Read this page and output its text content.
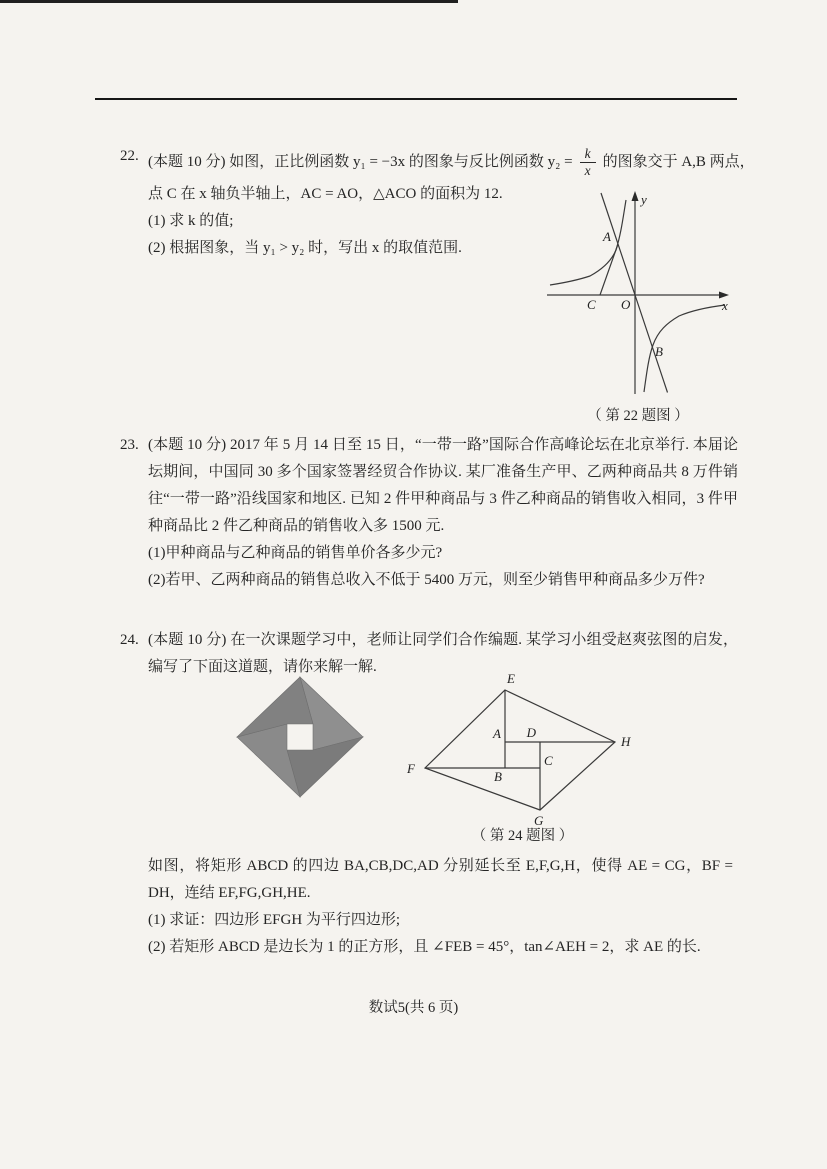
22. (本题 10 分) 如图，正比例函数 y₁ = −3x 的图象与反比例函数 $y_2 = \frac{k}{x}$ 的图象交于 A,B 两点，

点 C 在 x 轴负半轴上，AC = AO，△ACO 的面积为 12.

(1) 求 k 的值;

(2) 根据图象，当 y₁ > y₂ 时，写出 x 的取值范围.

y
x
O
C
A
B
（ 第 22 题图 ）
23. (本题 10 分) 2017 年 5 月 14 日至 15 日，“一带一路”国际合作高峰论坛在北京举行. 本届论坛期间，中国同 30 多个国家签署经贸合作协议. 某厂准备生产甲、乙两种商品共 8 万件销往“一带一路”沿线国家和地区. 已知 2 件甲种商品与 3 件乙种商品的销售收入相同，3 件甲种商品比 2 件乙种商品的销售收入多 1500 元.

(1)甲种商品与乙种商品的销售单价各多少元?

(2)若甲、乙两种商品的销售总收入不低于 5400 万元，则至少销售甲种商品多少万件?

24. (本题 10 分) 在一次课题学习中，老师让同学们合作编题. 某学习小组受赵爽弦图的启发，编写了下面这道题，请你来解一解.

E
H
G
F
A D
B
C
（ 第 24 题图 ）

如图，将矩形 ABCD 的四边 BA,CB,DC,AD 分别延长至 E,F,G,H，使得 AE = CG，BF = DH，连结 EF,FG,GH,HE.

(1) 求证：四边形 EFGH 为平行四边形;

(2) 若矩形 ABCD 是边长为 1 的正方形，且 ∠FEB = 45°，tan∠AEH = 2，求 AE 的长.

数试5(共 6 页)
